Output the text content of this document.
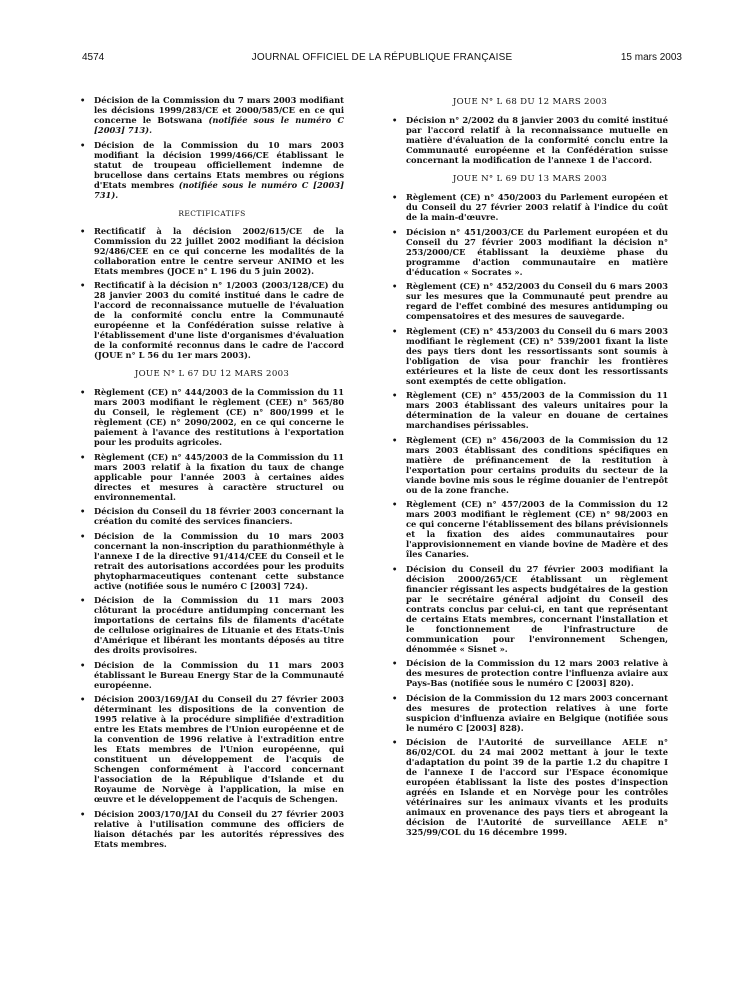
4574	JOURNAL OFFICIEL DE LA RÉPUBLIQUE FRANÇAISE	15 mars 2003
• Décision de la Commission du 7 mars 2003 modifiant les décisions 1999/283/CE et 2000/585/CE en ce qui concerne le Botswana (notifiée sous le numéro C [2003] 713).
• Décision de la Commission du 10 mars 2003 modifiant la décision 1999/466/CE établissant le statut de troupeau officiellement indemne de brucellose dans certains Etats membres ou régions d'Etats membres (notifiée sous le numéro C [2003] 731).
RECTIFICATIFS
• Rectificatif à la décision 2002/615/CE de la Commission du 22 juillet 2002 modifiant la décision 92/486/CEE en ce qui concerne les modalités de la collaboration entre le centre serveur ANIMO et les Etats membres (JOCE n° L 196 du 5 juin 2002).
• Rectificatif à la décision n° 1/2003 (2003/128/CE) du 28 janvier 2003 du comité institué dans le cadre de l'accord de reconnaissance mutuelle de l'évaluation de la conformité conclu entre la Communauté européenne et la Confédération suisse relative à l'établissement d'une liste d'organismes d'évaluation de la conformité reconnus dans le cadre de l'accord (JOUE n° L 56 du 1er mars 2003).
JOUE N° L 67 DU 12 MARS 2003
• Règlement (CE) n° 444/2003 de la Commission du 11 mars 2003 modifiant le règlement (CEE) n° 565/80 du Conseil, le règlement (CE) n° 800/1999 et le règlement (CE) n° 2090/2002, en ce qui concerne le paiement à l'avance des restitutions à l'exportation pour les produits agricoles.
• Règlement (CE) n° 445/2003 de la Commission du 11 mars 2003 relatif à la fixation du taux de change applicable pour l'année 2003 à certaines aides directes et mesures à caractère structurel ou environnemental.
• Décision du Conseil du 18 février 2003 concernant la création du comité des services financiers.
• Décision de la Commission du 10 mars 2003 concernant la non-inscription du parathionméthyle à l'annexe I de la directive 91/414/CEE du Conseil et le retrait des autorisations accordées pour les produits phytopharmaceutiques contenant cette substance active (notifiée sous le numéro C [2003] 724).
• Décision de la Commission du 11 mars 2003 clôturant la procédure antidumping concernant les importations de certains fils de filaments d'acétate de cellulose originaires de Lituanie et des Etats-Unis d'Amérique et libérant les montants déposés au titre des droits provisoires.
• Décision de la Commission du 11 mars 2003 établissant le Bureau Energy Star de la Communauté européenne.
• Décision 2003/169/JAI du Conseil du 27 février 2003 déterminant les dispositions de la convention de 1995 relative à la procédure simplifiée d'extradition entre les Etats membres de l'Union européenne et de la convention de 1996 relative à l'extradition entre les Etats membres de l'Union européenne, qui constituent un développement de l'acquis de Schengen conformément à l'accord concernant l'association de la République d'Islande et du Royaume de Norvège à l'application, la mise en œuvre et le développement de l'acquis de Schengen.
• Décision 2003/170/JAI du Conseil du 27 février 2003 relative à l'utilisation commune des officiers de liaison détachés par les autorités répressives des Etats membres.
JOUE N° L 68 DU 12 MARS 2003
• Décision n° 2/2002 du 8 janvier 2003 du comité institué par l'accord relatif à la reconnaissance mutuelle en matière d'évaluation de la conformité conclu entre la Communauté européenne et la Confédération suisse concernant la modification de l'annexe 1 de l'accord.
JOUE N° L 69 DU 13 MARS 2003
• Règlement (CE) n° 450/2003 du Parlement européen et du Conseil du 27 février 2003 relatif à l'indice du coût de la main-d'œuvre.
• Décision n° 451/2003/CE du Parlement européen et du Conseil du 27 février 2003 modifiant la décision n° 253/2000/CE établissant la deuxième phase du programme d'action communautaire en matière d'éducation « Socrates ».
• Règlement (CE) n° 452/2003 du Conseil du 6 mars 2003 sur les mesures que la Communauté peut prendre au regard de l'effet combiné des mesures antidumping ou compensatoires et des mesures de sauvegarde.
• Règlement (CE) n° 453/2003 du Conseil du 6 mars 2003 modifiant le règlement (CE) n° 539/2001 fixant la liste des pays tiers dont les ressortissants sont soumis à l'obligation de visa pour franchir les frontières extérieures et la liste de ceux dont les ressortissants sont exemptés de cette obligation.
• Règlement (CE) n° 455/2003 de la Commission du 11 mars 2003 établissant des valeurs unitaires pour la détermination de la valeur en douane de certaines marchandises périssables.
• Règlement (CE) n° 456/2003 de la Commission du 12 mars 2003 établissant des conditions spécifiques en matière de préfinancement de la restitution à l'exportation pour certains produits du secteur de la viande bovine mis sous le régime douanier de l'entrepôt ou de la zone franche.
• Règlement (CE) n° 457/2003 de la Commission du 12 mars 2003 modifiant le règlement (CE) n° 98/2003 en ce qui concerne l'établissement des bilans prévisionnels et la fixation des aides communautaires pour l'approvisionnement en viande bovine de Madère et des îles Canaries.
• Décision du Conseil du 27 février 2003 modifiant la décision 2000/265/CE établissant un règlement financier régissant les aspects budgétaires de la gestion par le secrétaire général adjoint du Conseil des contrats conclus par celui-ci, en tant que représentant de certains Etats membres, concernant l'installation et le fonctionnement de l'infrastructure de communication pour l'environnement Schengen, dénommée « Sisnet ».
• Décision de la Commission du 12 mars 2003 relative à des mesures de protection contre l'influenza aviaire aux Pays-Bas (notifiée sous le numéro C [2003] 820).
• Décision de la Commission du 12 mars 2003 concernant des mesures de protection relatives à une forte suspicion d'influenza aviaire en Belgique (notifiée sous le numéro C [2003] 828).
• Décision de l'Autorité de surveillance AELE n° 86/02/COL du 24 mai 2002 mettant à jour le texte d'adaptation du point 39 de la partie 1.2 du chapitre I de l'annexe I de l'accord sur l'Espace économique européen établissant la liste des postes d'inspection agréés en Islande et en Norvège pour les contrôles vétérinaires sur les animaux vivants et les produits animaux en provenance des pays tiers et abrogeant la décision de l'Autorité de surveillance AELE n° 325/99/COL du 16 décembre 1999.
